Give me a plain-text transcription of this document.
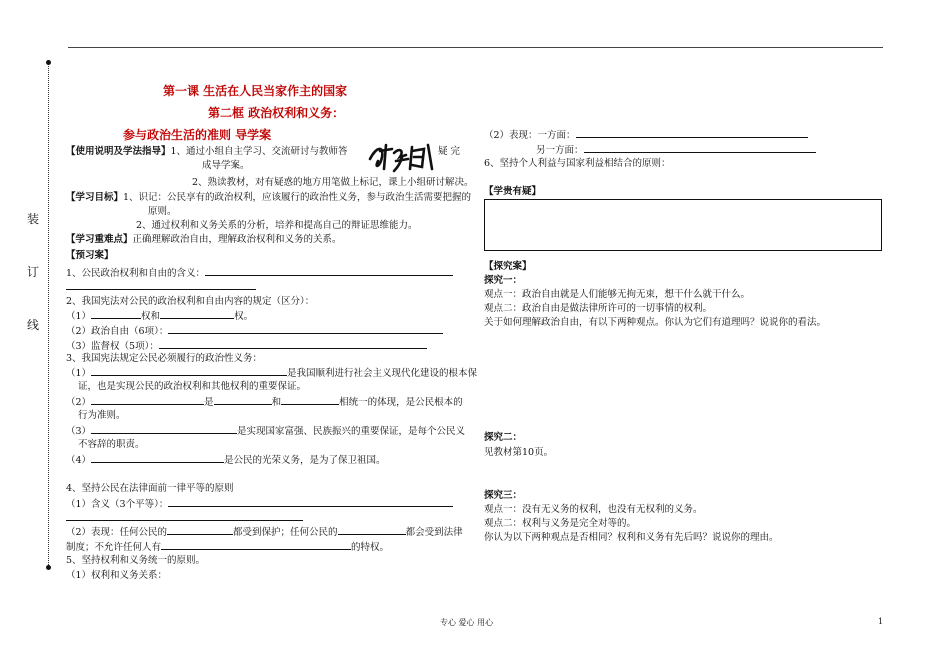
装
订
线
第一课 生活在人民当家作主的国家
第二框 政治权利和义务：
参与政治生活的准则 导学案
【使用说明及学法指导】1、通过小组自主学习、交流研讨与教师答	疑 完
成导学案。
2、熟读教材，对有疑惑的地方用笔做上标记，课上小组研讨解决。
【学习目标】1、识记：公民享有的政治权利，应该履行的政治性义务，参与政治生活需要把握的
原则。
2、通过权利和义务关系的分析，培养和提高自己的辩证思维能力。
【学习重难点】正确理解政治自由，理解政治权利和义务的关系。
【预习案】
1、公民政治权利和自由的含义：
2、我国宪法对公民的政治权利和自由内容的规定（区分）：
（1）	权和	权。
（2）政治自由（6项）：
（3）监督权（5项）：
3、我国宪法规定公民必须履行的政治性义务：
（1）	是我国顺利进行社会主义现代化建设的根本保
证，也是实现公民的政治权利和其他权利的重要保证。
（2）	是	和	相统一的体现，是公民根本的
行为准则。
（3）	是实现国家富强、民族振兴的重要保证，是每个公民义
不容辞的职责。
（4）	是公民的光荣义务，是为了保卫祖国。
4、坚持公民在法律面前一律平等的原则
（1）含义（3个平等）：
（2）表现：任何公民的	都受到保护；任何公民的	都会受到法律
制度；不允许任何人有	的特权。
5、坚持权利和义务统一的原则。
（1）权利和义务关系：
（2）表现：一方面：
另一方面：
6、坚持个人利益与国家利益相结合的原则：
【学贵有疑】
【探究案】
探究一：
观点一：政治自由就是人们能够无拘无束，想干什么就干什么。
观点二：政治自由是做法律所许可的一切事情的权利。
关于如何理解政治自由，有以下两种观点。你认为它们有道理吗？说说你的看法。
探究二：
见教材第10页。
探究三：
观点一：没有无义务的权利，也没有无权利的义务。
观点二：权利与义务是完全对等的。
你认为以下两种观点是否相同？权利和义务有先后吗？说说你的理由。
专心 爱心 用心	1
